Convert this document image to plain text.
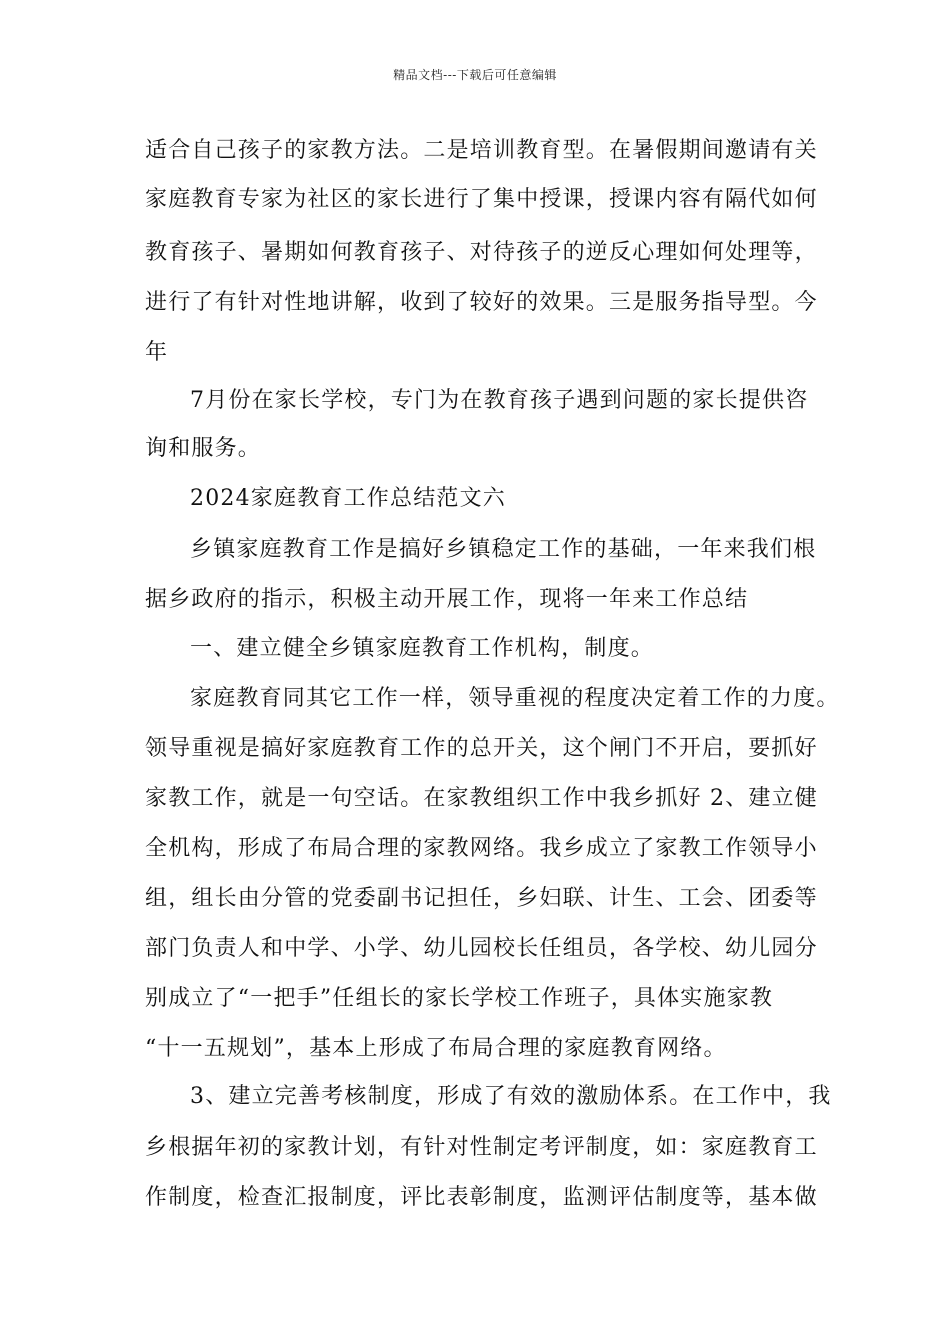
精品文档---下载后可任意编辑
适合自己孩子的家教方法。二是培训教育型。在暑假期间邀请有关
家庭教育专家为社区的家长进行了集中授课，授课内容有隔代如何
教育孩子、暑期如何教育孩子、对待孩子的逆反心理如何处理等，
进行了有针对性地讲解，收到了较好的效果。三是服务指导型。今
年
7月份在家长学校，专门为在教育孩子遇到问题的家长提供咨
询和服务。
2024家庭教育工作总结范文六
乡镇家庭教育工作是搞好乡镇稳定工作的基础，一年来我们根
据乡政府的指示，积极主动开展工作，现将一年来工作总结
一、建立健全乡镇家庭教育工作机构，制度。
家庭教育同其它工作一样，领导重视的程度决定着工作的力度。
领导重视是搞好家庭教育工作的总开关，这个闸门不开启，要抓好
家教工作，就是一句空话。在家教组织工作中我乡抓好 2、建立健
全机构，形成了布局合理的家教网络。我乡成立了家教工作领导小
组，组长由分管的党委副书记担任，乡妇联、计生、工会、团委等
部门负责人和中学、小学、幼儿园校长任组员，各学校、幼儿园分
别成立了“一把手”任组长的家长学校工作班子，具体实施家教
“十一五规划”，基本上形成了布局合理的家庭教育网络。
3、建立完善考核制度，形成了有效的激励体系。在工作中，我
乡根据年初的家教计划，有针对性制定考评制度，如：家庭教育工
作制度，检查汇报制度，评比表彰制度，监测评估制度等，基本做
